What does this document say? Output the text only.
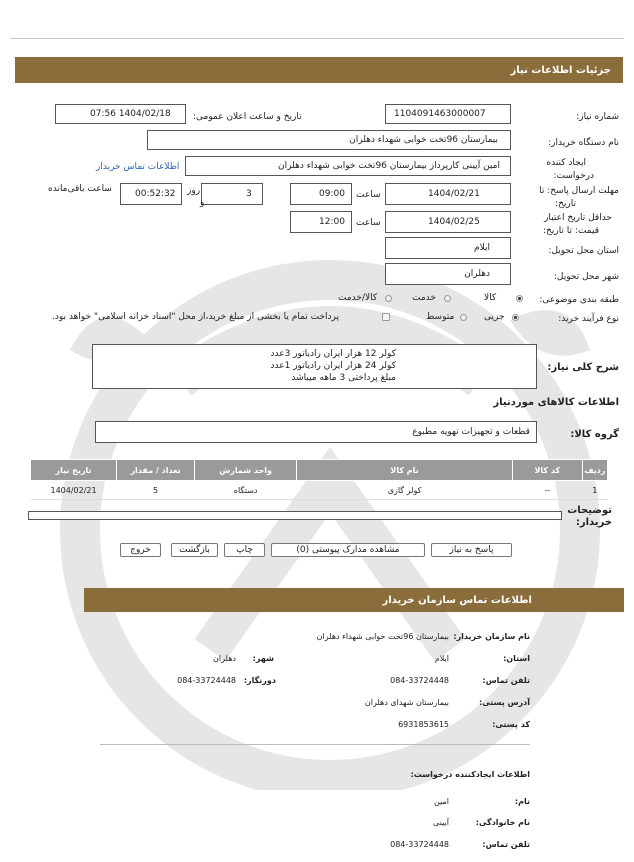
جزئیات اطلاعات نیاز
شماره نیاز:
1104091463000007
تاریخ و ساعت اعلان عمومی:
1404/02/18 07:56
نام دستگاه خریدار:
بیمارستان 96تخت خوابی شهداء دهلران
ایجاد کننده
درخواست:
امین آیینی کارپرداز بیمارستان 96تخت خوابی شهداء دهلران
اطلاعات تماس خریدار
مهلت ارسال پاسخ: تا
تاریخ:
1404/02/21
ساعت
09:00
3
روز
و
00:52:32
ساعت باقی‌مانده
حداقل تاریخ اعتبار
قیمت: تا تاریخ:
1404/02/25
ساعت
12:00
استان محل تحویل:
ایلام
شهر محل تحویل:
دهلران
طبقه بندی موضوعی:
کالا
خدمت
کالا/خدمت
نوع فرآیند خرید:
جزیی
متوسط
پرداخت تمام یا بخشی از مبلغ خرید،از محل "اسناد خزانه اسلامی" خواهد بود.
شرح کلی نیاز:
کولر 12 هزار ایران رادیاتور 3عدد
کولر 24 هزار ایران رادیاتور 1عدد
مبلغ پرداختی 3 ماهه میباشد
اطلاعات کالاهای موردنیاز
گروه کالا:
قطعات و تجهیزات تهویه مطبوع
ردیف	کد کالا	نام کالا	واحد شمارش	تعداد / مقدار	تاریخ نیاز
1	--	کولر گازی	دستگاه	5	1404/02/21
توضیحات
خریدار:
پاسخ به نیاز
مشاهده مدارک پیوستی (0)
چاپ
بازگشت
خروج
اطلاعات تماس سازمان خریدار
نام سازمان خریدار:
بیمارستان 96تخت خوابی شهداء دهلران
استان:
ایلام
شهر:
دهلران
تلفن تماس:
084-33724448
دورنگار:
084-33724448
آدرس پستی:
بیمارستان شهدای دهلران
کد پستی:
6931853615
اطلاعات ایجادکننده درخواست:
نام:
امین
نام خانوادگی:
آیینی
تلفن تماس:
084-33724448
